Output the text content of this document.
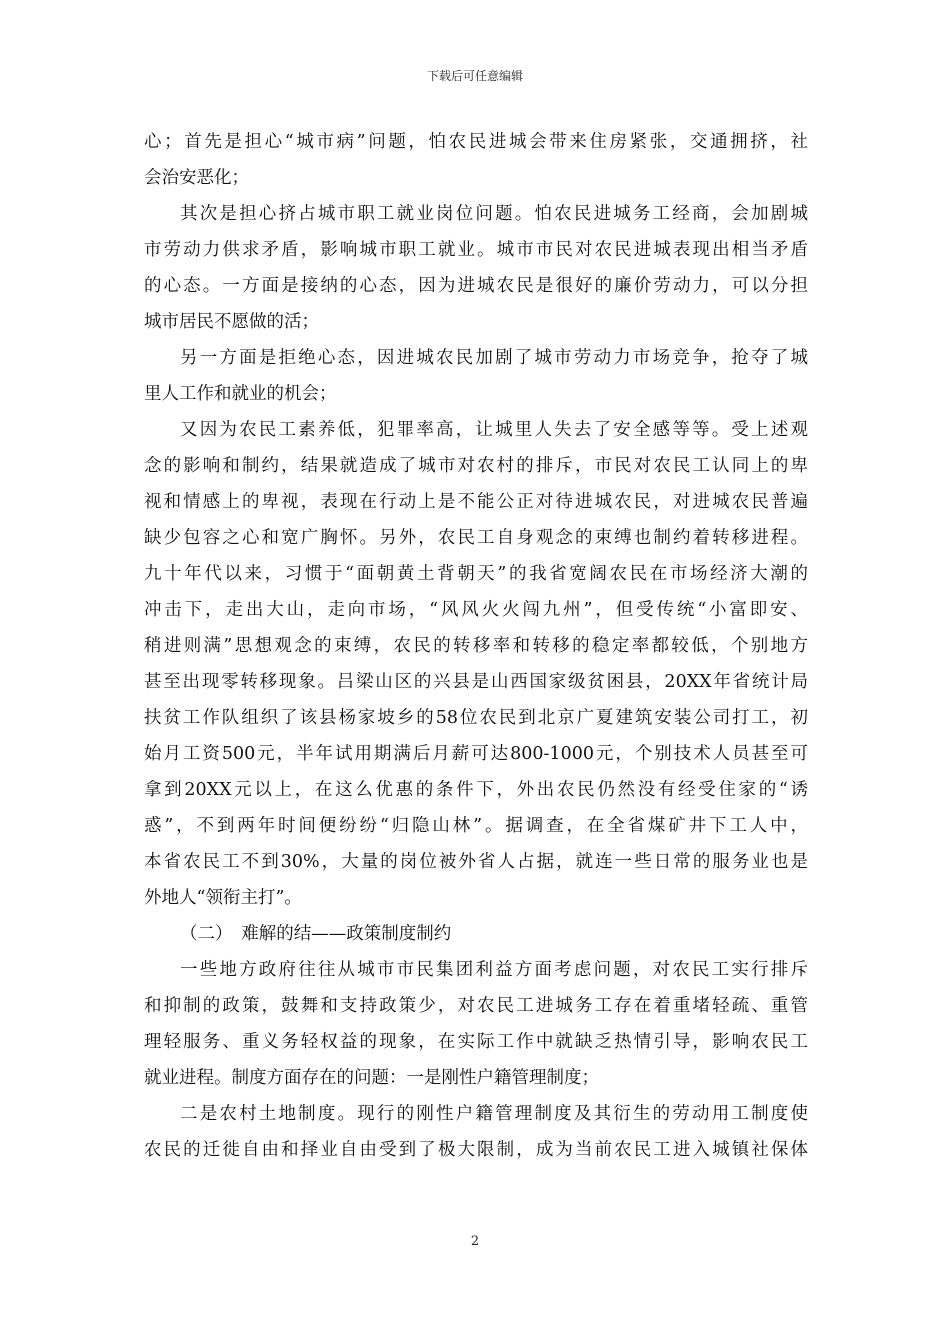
下载后可任意编辑
心；首先是担心“城市病”问题，怕农民进城会带来住房紧张，交通拥挤，社
会治安恶化；
其次是担心挤占城市职工就业岗位问题。怕农民进城务工经商，会加剧城
市劳动力供求矛盾，影响城市职工就业。城市市民对农民进城表现出相当矛盾
的心态。一方面是接纳的心态，因为进城农民是很好的廉价劳动力，可以分担
城市居民不愿做的活；
另一方面是拒绝心态，因进城农民加剧了城市劳动力市场竞争，抢夺了城
里人工作和就业的机会；
又因为农民工素养低，犯罪率高，让城里人失去了安全感等等。受上述观
念的影响和制约，结果就造成了城市对农村的排斥，市民对农民工认同上的卑
视和情感上的卑视，表现在行动上是不能公正对待进城农民，对进城农民普遍
缺少包容之心和宽广胸怀。另外，农民工自身观念的束缚也制约着转移进程。
九十年代以来，习惯于“面朝黄土背朝天”的我省宽阔农民在市场经济大潮的
冲击下，走出大山，走向市场，“风风火火闯九州”，但受传统“小富即安、
稍进则满”思想观念的束缚，农民的转移率和转移的稳定率都较低，个别地方
甚至出现零转移现象。吕梁山区的兴县是山西国家级贫困县，20XX年省统计局
扶贫工作队组织了该县杨家坡乡的58位农民到北京广夏建筑安装公司打工，初
始月工资500元，半年试用期满后月薪可达800-1000元，个别技术人员甚至可
拿到20XX元以上，在这么优惠的条件下，外出农民仍然没有经受住家的“诱
惑”，不到两年时间便纷纷“归隐山林”。据调查，在全省煤矿井下工人中，
本省农民工不到30%，大量的岗位被外省人占据，就连一些日常的服务业也是
外地人“领衔主打”。
（二）　难解的结——政策制度制约
一些地方政府往往从城市市民集团利益方面考虑问题，对农民工实行排斥
和抑制的政策，鼓舞和支持政策少，对农民工进城务工存在着重堵轻疏、重管
理轻服务、重义务轻权益的现象，在实际工作中就缺乏热情引导，影响农民工
就业进程。制度方面存在的问题：一是刚性户籍管理制度；
二是农村土地制度。现行的刚性户籍管理制度及其衍生的劳动用工制度使
农民的迁徙自由和择业自由受到了极大限制，成为当前农民工进入城镇社保体
2
